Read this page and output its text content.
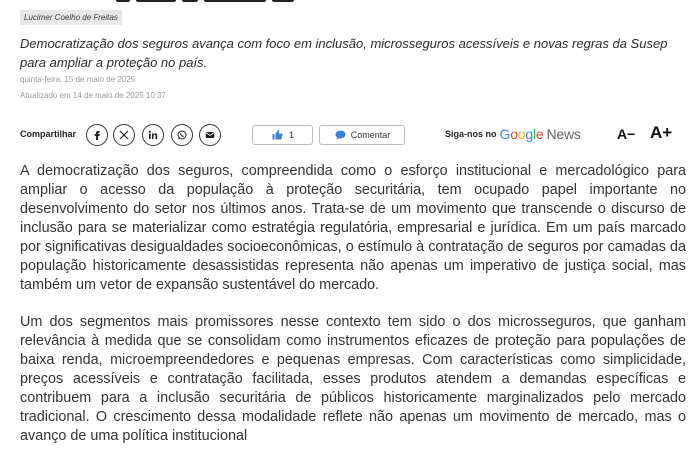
Lucimer Coelho de Freitas
Democratização dos seguros avança com foco em inclusão, microsseguros acessíveis e novas regras da Susep para ampliar a proteção no país.
quinta-feira, 15 de maio de 2025
Atualizado em 14 de maio de 2025 10:37
Compartilhar	1	Comentar	Siga-nos no Google News	A− A+

A democratização dos seguros, compreendida como o esforço institucional e mercadológico para ampliar o acesso da população à proteção securitária, tem ocupado papel importante no desenvolvimento do setor nos últimos anos. Trata-se de um movimento que transcende o discurso de inclusão para se materializar como estratégia regulatória, empresarial e jurídica. Em um país marcado por significativas desigualdades socioeconômicas, o estímulo à contratação de seguros por camadas da população historicamente desassistidas representa não apenas um imperativo de justiça social, mas também um vetor de expansão sustentável do mercado.

Um dos segmentos mais promissores nesse contexto tem sido o dos microsseguros, que ganham relevância à medida que se consolidam como instrumentos eficazes de proteção para populações de baixa renda, microempreendedores e pequenas empresas. Com características como simplicidade, preços acessíveis e contratação facilitada, esses produtos atendem a demandas específicas e contribuem para a inclusão securitária de públicos historicamente marginalizados pelo mercado tradicional. O crescimento dessa modalidade reflete não apenas um movimento de mercado, mas o avanço de uma política institucional
